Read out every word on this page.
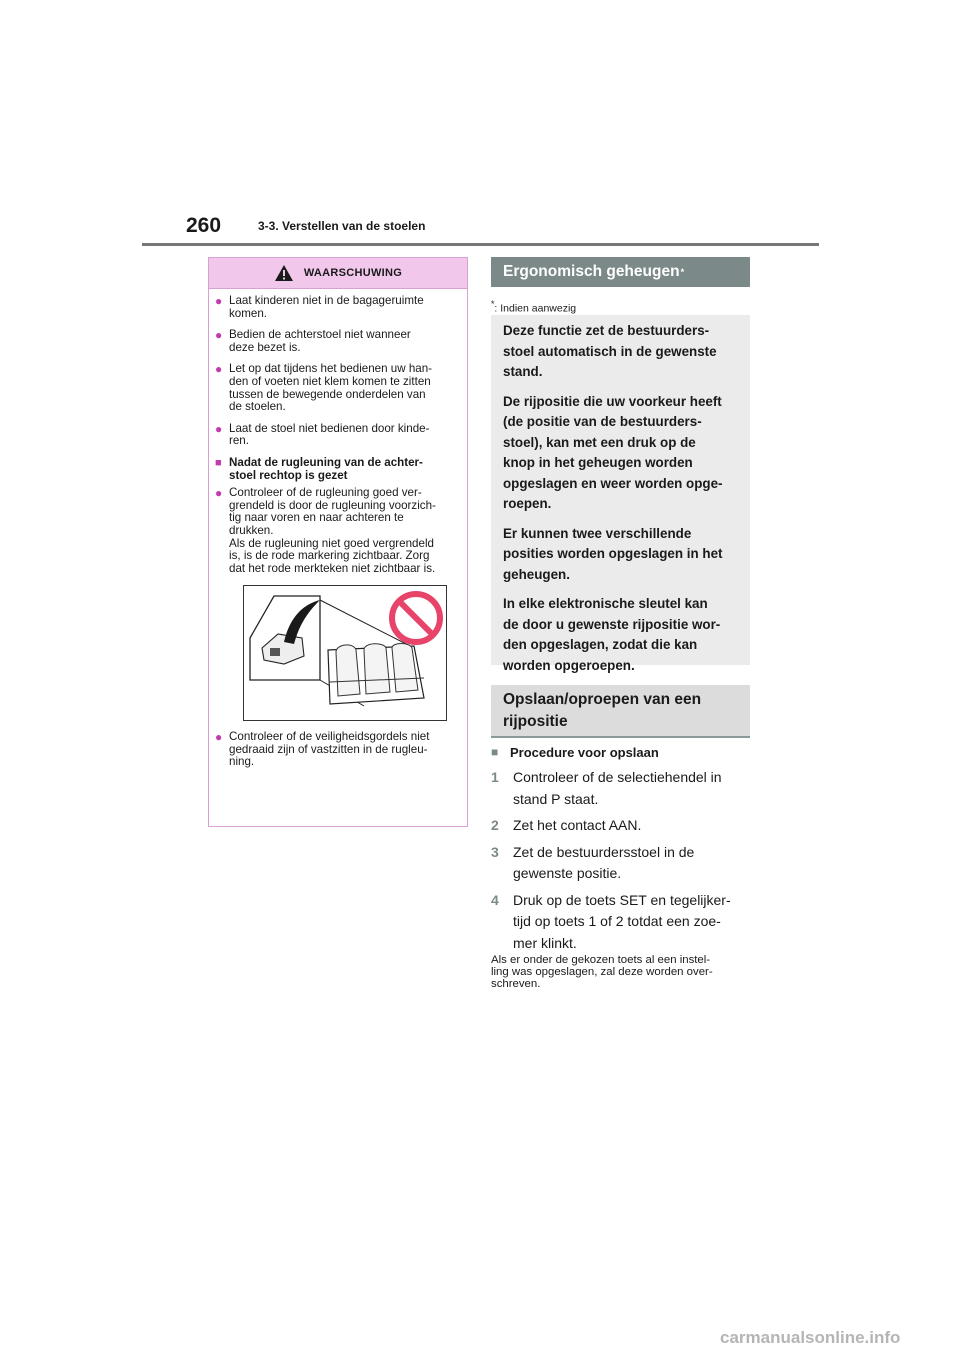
260	3-3. Verstellen van de stoelen
WAARSCHUWING
● Laat kinderen niet in de bagageruimte
komen.
● Bedien de achterstoel niet wanneer
deze bezet is.
● Let op dat tijdens het bedienen uw han-
den of voeten niet klem komen te zitten
tussen de bewegende onderdelen van
de stoelen.
● Laat de stoel niet bedienen door kinde-
ren.
■ Nadat de rugleuning van de achter-
stoel rechtop is gezet
● Controleer of de rugleuning goed ver-
grendeld is door de rugleuning voorzich-
tig naar voren en naar achteren te
drukken.
Als de rugleuning niet goed vergrendeld
is, is de rode markering zichtbaar. Zorg
dat het rode merkteken niet zichtbaar is.
● Controleer of de veiligheidsgordels niet
gedraaid zijn of vastzitten in de rugleu-
ning.
Ergonomisch geheugen *
*: Indien aanwezig

Deze functie zet de bestuurders-
stoel automatisch in de gewenste
stand.

De rijpositie die uw voorkeur heeft
(de positie van de bestuurders-
stoel), kan met een druk op de
knop in het geheugen worden
opgeslagen en weer worden opge-
roepen.

Er kunnen twee verschillende
posities worden opgeslagen in het
geheugen.

In elke elektronische sleutel kan
de door u gewenste rijpositie wor-
den opgeslagen, zodat die kan
worden opgeroepen.

Opslaan/oproepen van een
rijpositie
■ Procedure voor opslaan
1	Controleer of de selectiehendel in
stand P staat.
2	Zet het contact AAN.
3	Zet de bestuurdersstoel in de
gewenste positie.
4	Druk op de toets SET en tegelijker-
tijd op toets 1 of 2 totdat een zoe-
mer klinkt.
Als er onder de gekozen toets al een instel-
ling was opgeslagen, zal deze worden over-
schreven.
carmanualsonline.info
